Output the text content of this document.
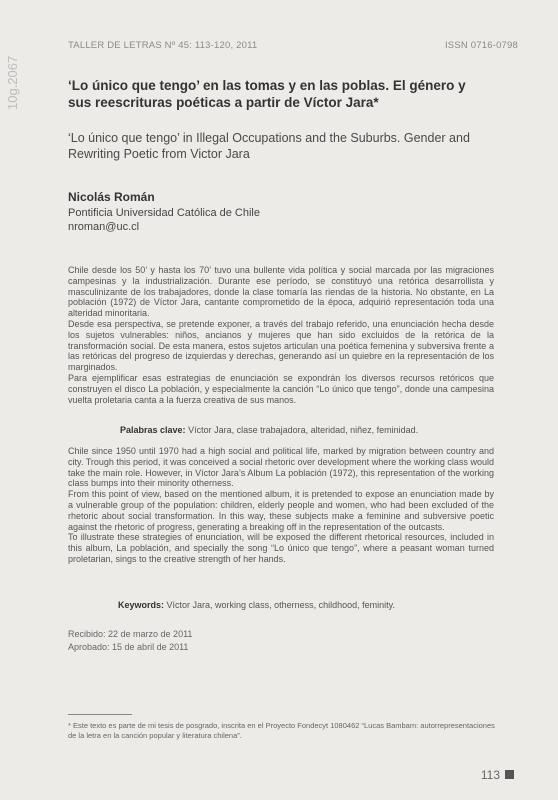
TALLER DE LETRAS Nº 45: 113-120, 2011	ISSN 0716-0798
10g.2067	‘Lo único que tengo’ en las tomas y en las poblas. El género y sus reescrituras poéticas a partir de Víctor Jara*
‘Lo único que tengo’ in Illegal Occupations and the Suburbs. Gender and Rewriting Poetic from Victor Jara
Nicolás Román
Pontificia Universidad Católica de Chile
nroman@uc.cl
Chile desde los 50’ y hasta los 70’ tuvo una bullente vida política y social marcada por las migraciones campesinas y la industrialización. Durante ese período, se constituyó una retórica desarrollista y masculinizante de los trabajadores, donde la clase tomaría las riendas de la historia. No obstante, en La población (1972) de Víctor Jara, cantante comprometido de la época, adquirió representación toda una alteridad minoritaria.
Desde esa perspectiva, se pretende exponer, a través del trabajo referido, una enunciación hecha desde los sujetos vulnerables: niños, ancianos y mujeres que han sido excluidos de la retórica de la transformación social. De esta manera, estos sujetos articulan una poética femenina y subversiva frente a las retóricas del progreso de izquierdas y derechas, generando así un quiebre en la representación de los marginados.
Para ejemplificar esas estrategias de enunciación se expondrán los diversos recursos retóricos que construyen el disco La población, y especialmente la canción “Lo único que tengo”, donde una campesina vuelta proletaria canta a la fuerza creativa de sus manos.
Palabras clave: Víctor Jara, clase trabajadora, alteridad, niñez, feminidad.
Chile since 1950 until 1970 had a high social and political life, marked by migration between country and city. Trough this period, it was conceived a social rhetoric over development where the working class would take the main role. However, in Víctor Jara’s Album La población (1972), this representation of the working class bumps into their minority otherness.
From this point of view, based on the mentioned album, it is pretended to expose an enunciation made by a vulnerable group of the population: children, elderly people and women, who had been excluded of the rhetoric about social transformation. In this way, these subjects make a feminine and subversive poetic against the rhetoric of progress, generating a breaking off in the representation of the outcasts.
To illustrate these strategies of enunciation, will be exposed the different rhetorical resources, included in this album, La población, and specially the song “Lo único que tengo”, where a peasant woman turned proletarian, sings to the creative strength of her hands.
Keywords: Víctor Jara, working class, otherness, childhood, feminity.
Recibido: 22 de marzo de 2011
Aprobado: 15 de abril de 2011
* Este texto es parte de mi tesis de posgrado, inscrita en el Proyecto Fondecyt 1080462 “Lucas Bambam: autorrepresentaciones de la letra en la canción popular y literatura chilena”.
113
